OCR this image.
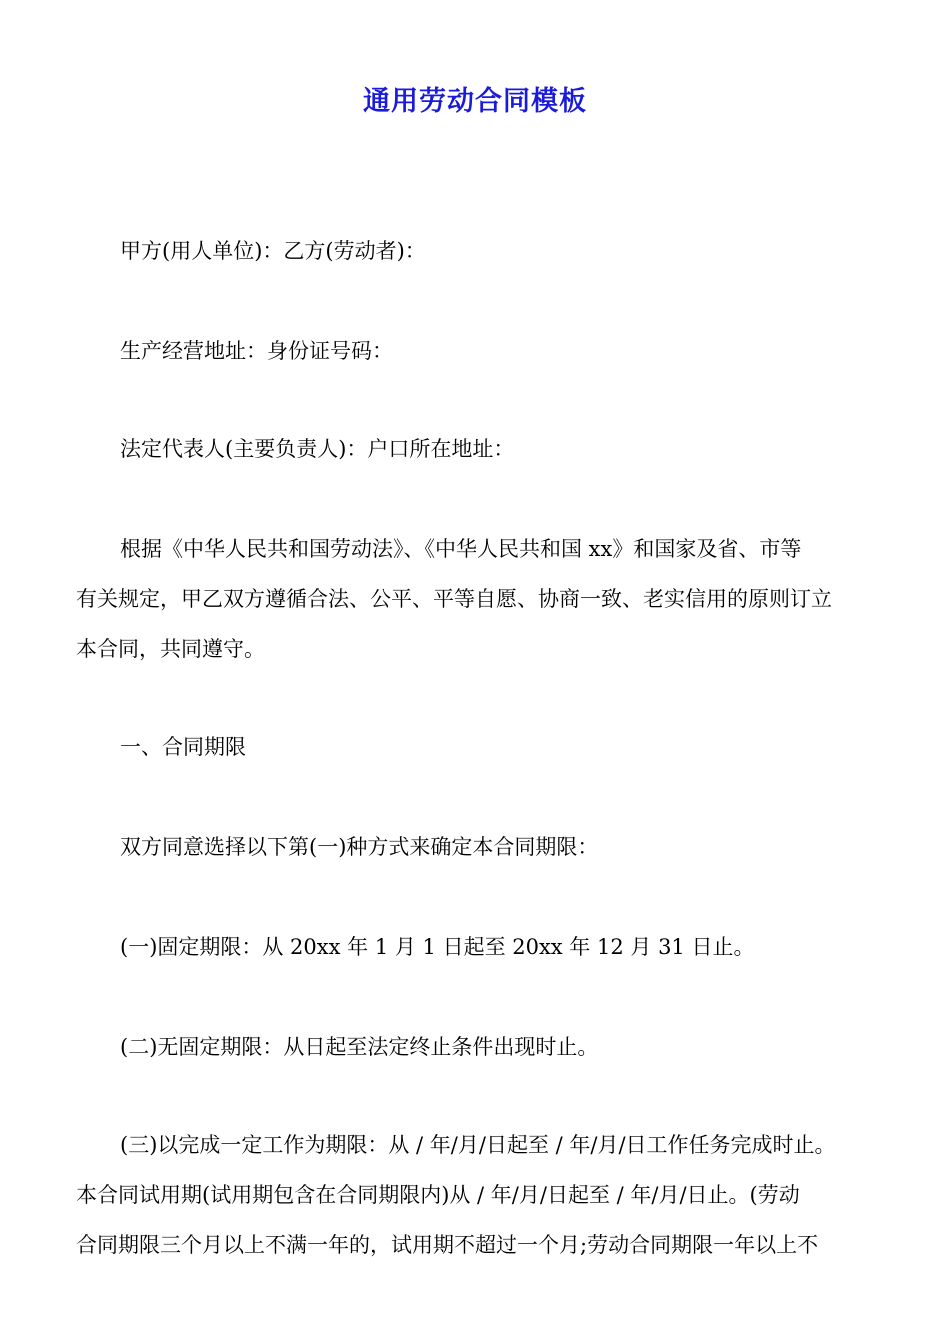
通用劳动合同模板
甲方(用人单位)：乙方(劳动者)：
生产经营地址：身份证号码：
法定代表人(主要负责人)：户口所在地址：
根据《中华人民共和国劳动法》、《中华人民共和国 xx》和国家及省、市等
有关规定，甲乙双方遵循合法、公平、平等自愿、协商一致、老实信用的原则订立
本合同，共同遵守。
一、合同期限
双方同意选择以下第(一)种方式来确定本合同期限：
(一)固定期限：从 20xx 年 1 月 1 日起至 20xx 年 12 月 31 日止。
(二)无固定期限：从日起至法定终止条件出现时止。
(三)以完成一定工作为期限：从 / 年/月/日起至 / 年/月/日工作任务完成时止。
本合同试用期(试用期包含在合同期限内)从 / 年/月/日起至 / 年/月/日止。(劳动
合同期限三个月以上不满一年的，试用期不超过一个月;劳动合同期限一年以上不
